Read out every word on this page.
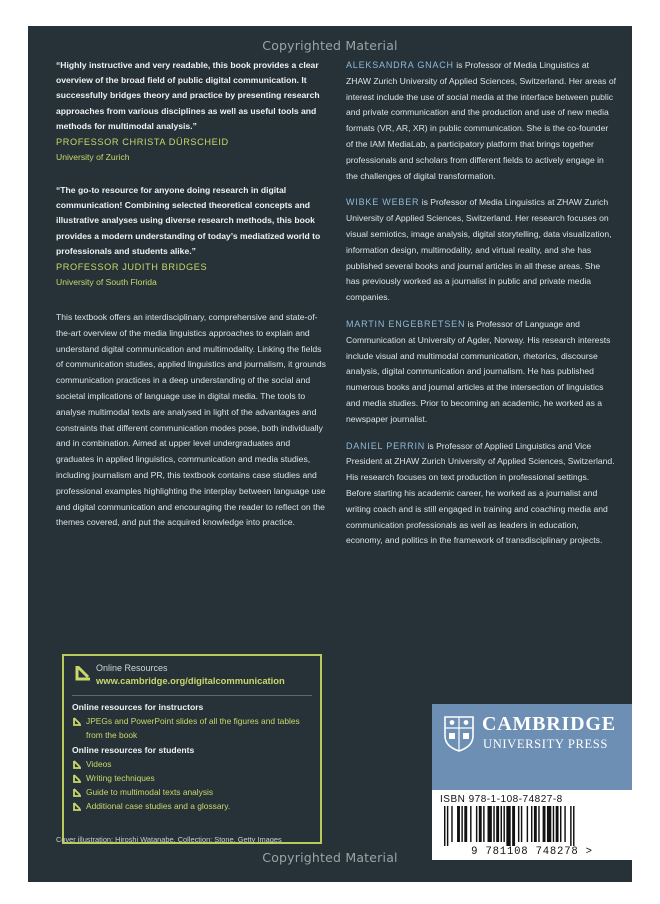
Copyrighted Material

“Highly instructive and very readable, this book provides a clear overview of the broad field of public digital communication. It successfully bridges theory and practice by presenting research approaches from various disciplines as well as useful tools and methods for multimodal analysis.”

PROFESSOR CHRISTA DÜRSCHEID
University of Zurich

“The go-to resource for anyone doing research in digital communication! Combining selected theoretical concepts and illustrative analyses using diverse research methods, this book provides a modern understanding of today’s mediatized world to professionals and students alike.”

PROFESSOR JUDITH BRIDGES
University of South Florida

This textbook offers an interdisciplinary, comprehensive and state-of-the-art overview of the media linguistics approaches to explain and understand digital communication and multimodality. Linking the fields of communication studies, applied linguistics and journalism, it grounds communication practices in a deep understanding of the social and societal implications of language use in digital media. The tools to analyse multimodal texts are analysed in light of the advantages and constraints that different communication modes pose, both individually and in combination. Aimed at upper level undergraduates and graduates in applied linguistics, communication and media studies, including journalism and PR, this textbook contains case studies and professional examples highlighting the interplay between language use and digital communication and encouraging the reader to reflect on the themes covered, and put the acquired knowledge into practice.

Online Resources
www.cambridge.org/digitalcommunication
Online resources for instructors
JPEGs and PowerPoint slides of all the figures and tables from the book
Online resources for students
Videos
Writing techniques
Guide to multimodal texts analysis
Additional case studies and a glossary.
Cover illustration: Hiroshi Watanabe, Collection: Stone, Getty Images

ALEKSANDRA GNACH is Professor of Media Linguistics at ZHAW Zurich University of Applied Sciences, Switzerland. Her areas of interest include the use of social media at the interface between public and private communication and the production and use of new media formats (VR, AR, XR) in public communication. She is the co-founder of the IAM MediaLab, a participatory platform that brings together professionals and scholars from different fields to actively engage in the challenges of digital transformation.

WIBKE WEBER is Professor of Media Linguistics at ZHAW Zurich University of Applied Sciences, Switzerland. Her research focuses on visual semiotics, image analysis, digital storytelling, data visualization, information design, multimodality, and virtual reality, and she has published several books and journal articles in all these areas. She has previously worked as a journalist in public and private media companies.

MARTIN ENGEBRETSEN is Professor of Language and Communication at University of Agder, Norway. His research interests include visual and multimodal communication, rhetorics, discourse analysis, digital communication and journalism. He has published numerous books and journal articles at the intersection of linguistics and media studies. Prior to becoming an academic, he worked as a newspaper journalist.

DANIEL PERRIN is Professor of Applied Linguistics and Vice President at ZHAW Zurich University of Applied Sciences, Switzerland. His research focuses on text production in professional settings. Before starting his academic career, he worked as a journalist and writing coach and is still engaged in training and coaching media and communication professionals as well as leaders in education, economy, and politics in the framework of transdisciplinary projects.

CAMBRIDGE
UNIVERSITY PRESS
ISBN 978-1-108-74827-8
9 781108 748278 >
Copyrighted Material
